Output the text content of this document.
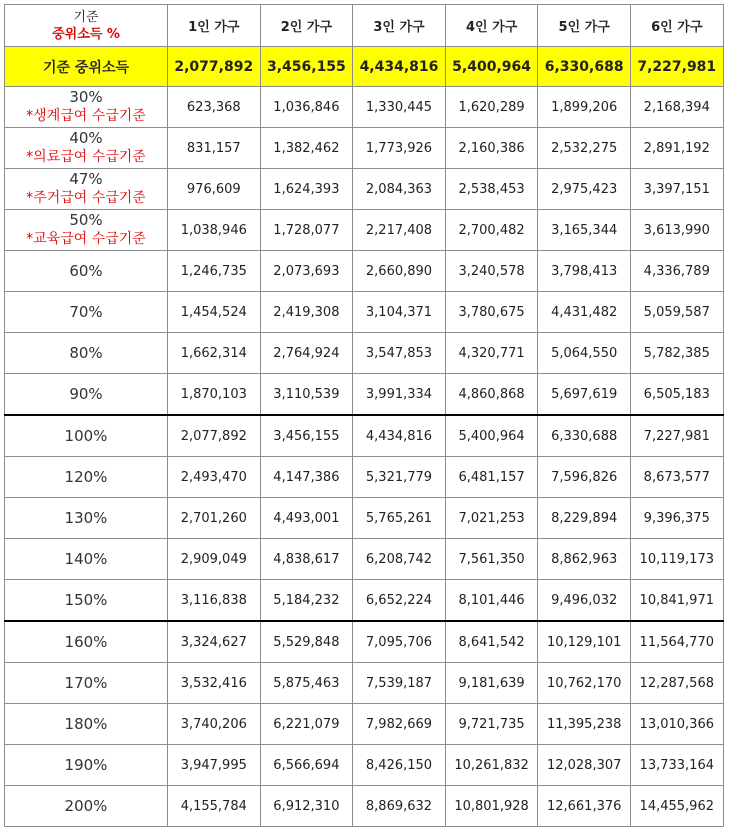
기준
중위소득 %	1인 가구	2인 가구	3인 가구	4인 가구	5인 가구	6인 가구
기준 중위소득	2,077,892	3,456,155	4,434,816	5,400,964	6,330,688	7,227,981

30%
*생계급여 수급기준	623,368	1,036,846	1,330,445	1,620,289	1,899,206	2,168,394

40%
*의료급여 수급기준	831,157	1,382,462	1,773,926	2,160,386	2,532,275	2,891,192

47%
*주거급여 수급기준	976,609	1,624,393	2,084,363	2,538,453	2,975,423	3,397,151

50%
*교육급여 수급기준	1,038,946	1,728,077	2,217,408	2,700,482	3,165,344	3,613,990

60%	1,246,735	2,073,693	2,660,890	3,240,578	3,798,413	4,336,789

70%	1,454,524	2,419,308	3,104,371	3,780,675	4,431,482	5,059,587

80%	1,662,314	2,764,924	3,547,853	4,320,771	5,064,550	5,782,385

90%	1,870,103	3,110,539	3,991,334	4,860,868	5,697,619	6,505,183

100%	2,077,892	3,456,155	4,434,816	5,400,964	6,330,688	7,227,981

120%	2,493,470	4,147,386	5,321,779	6,481,157	7,596,826	8,673,577

130%	2,701,260	4,493,001	5,765,261	7,021,253	8,229,894	9,396,375

140%	2,909,049	4,838,617	6,208,742	7,561,350	8,862,963	10,119,173

150%	3,116,838	5,184,232	6,652,224	8,101,446	9,496,032	10,841,971

160%	3,324,627	5,529,848	7,095,706	8,641,542	10,129,101	11,564,770

170%	3,532,416	5,875,463	7,539,187	9,181,639	10,762,170	12,287,568

180%	3,740,206	6,221,079	7,982,669	9,721,735	11,395,238	13,010,366

190%	3,947,995	6,566,694	8,426,150	10,261,832	12,028,307	13,733,164

200%	4,155,784	6,912,310	8,869,632	10,801,928	12,661,376	14,455,962
